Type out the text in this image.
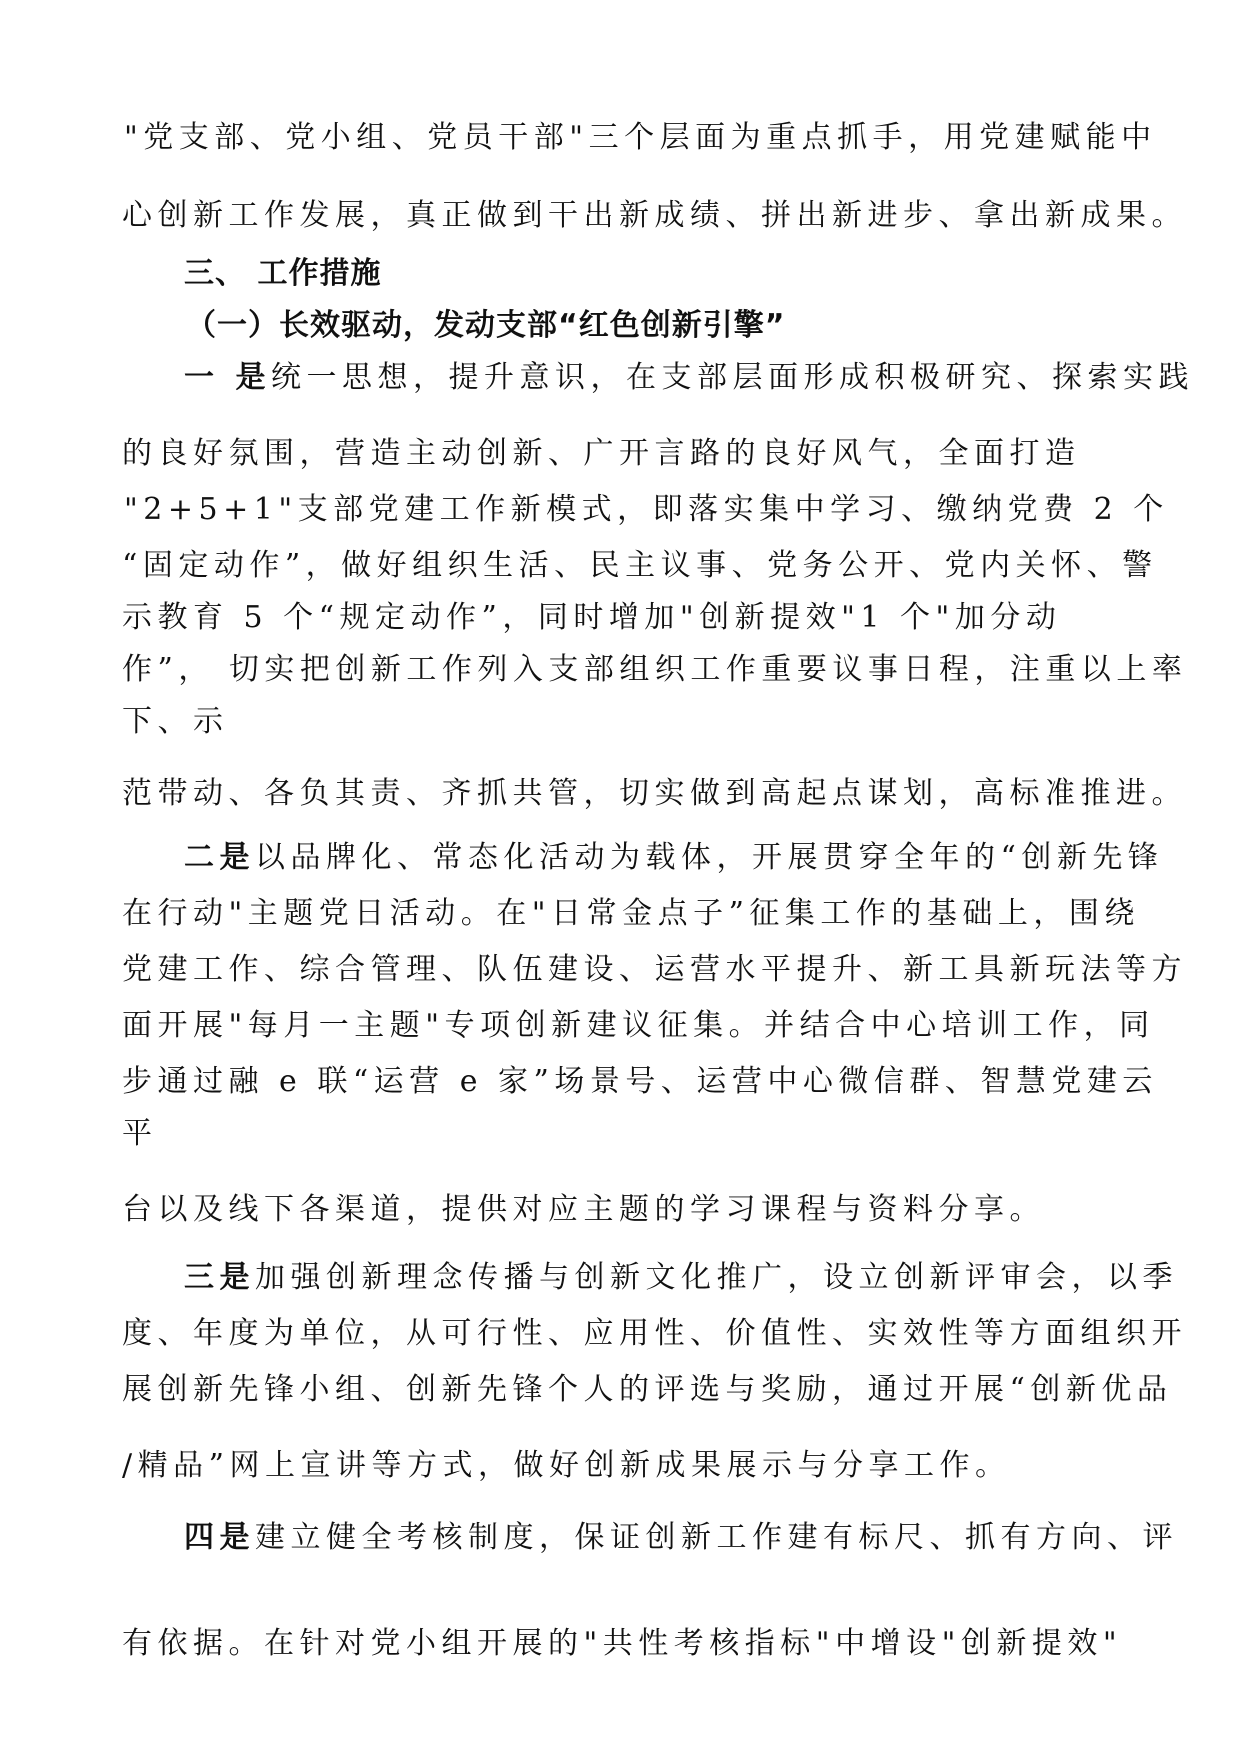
"党支部、党小组、党员干部"三个层面为重点抓手，用党建赋能中
心创新工作发展，真正做到干出新成绩、拼出新进步、拿出新成果。
三、 工作措施
（一）长效驱动，发动支部“红色创新引擎”
一 是统一思想，提升意识，在支部层面形成积极研究、探索实践
的良好氛围，营造主动创新、广开言路的良好风气，全面打造
"2+5+1"支部党建工作新模式，即落实集中学习、缴纳党费 2 个
“固定动作”，做好组织生活、民主议事、党务公开、党内关怀、警
示教育 5 个“规定动作”，同时增加"创新提效"1 个"加分动
作”， 切实把创新工作列入支部组织工作重要议事日程，注重以上率
下、示
范带动、各负其责、齐抓共管，切实做到高起点谋划，高标准推进。
二是以品牌化、常态化活动为载体，开展贯穿全年的“创新先锋
在行动"主题党日活动。在"日常金点子”征集工作的基础上，围绕
党建工作、综合管理、队伍建设、运营水平提升、新工具新玩法等方
面开展"每月一主题"专项创新建议征集。并结合中心培训工作，同
步通过融 e 联“运营 e 家”场景号、运营中心微信群、智慧党建云
平
台以及线下各渠道，提供对应主题的学习课程与资料分享。
三是加强创新理念传播与创新文化推广，设立创新评审会，以季
度、年度为单位，从可行性、应用性、价值性、实效性等方面组织开
展创新先锋小组、创新先锋个人的评选与奖励，通过开展“创新优品
/精品”网上宣讲等方式，做好创新成果展示与分享工作。
四是建立健全考核制度，保证创新工作建有标尺、抓有方向、评
有依据。在针对党小组开展的"共性考核指标"中增设"创新提效"
